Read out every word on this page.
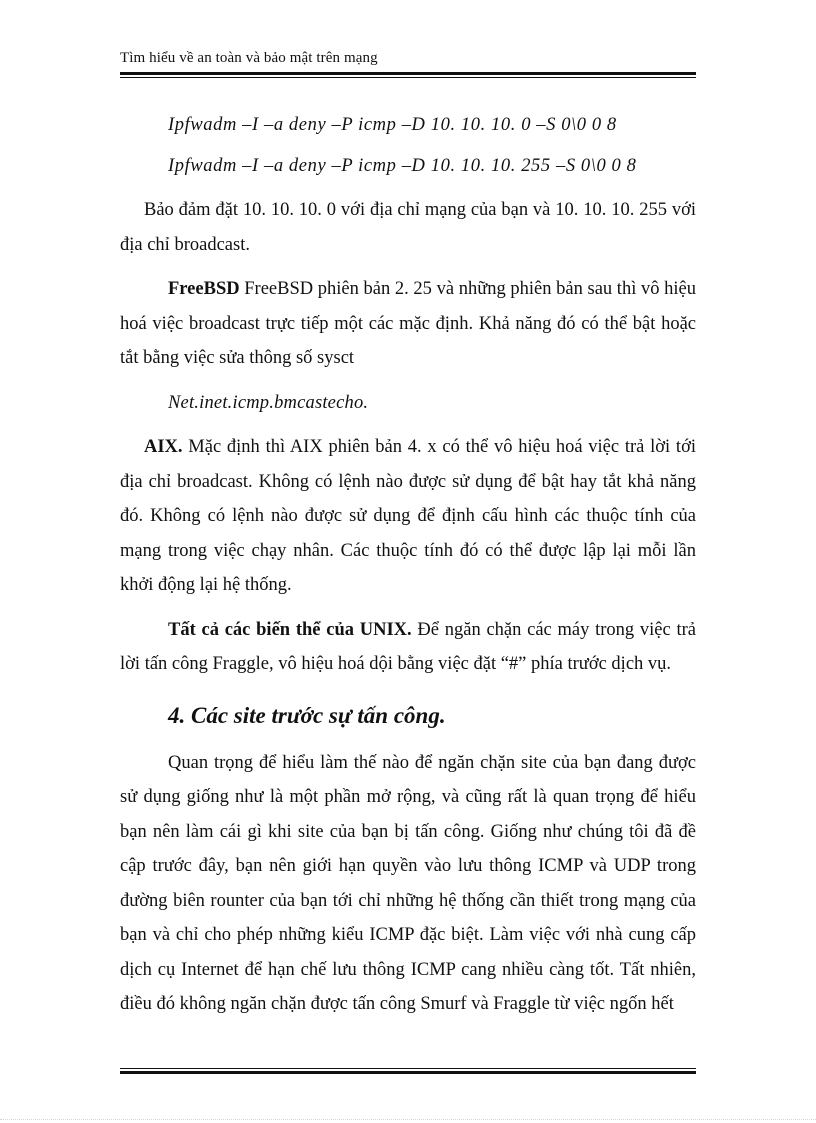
Tìm hiểu về an toàn và bảo mật trên mạng

Ipfwadm –I –a deny –P icmp –D 10. 10. 10. 0 –S 0\0 0 8

Ipfwadm –I –a deny –P icmp –D 10. 10. 10. 255 –S 0\0 0 8

Bảo đảm đặt 10. 10. 10. 0 với địa chỉ mạng của bạn và 10. 10. 10. 255 với địa chỉ broadcast.

FreeBSD FreeBSD phiên bản 2. 25 và những phiên bản sau thì vô hiệu hoá việc broadcast trực tiếp một các mặc định. Khả năng đó có thể bật hoặc tắt bằng việc sửa thông số sysct

Net.inet.icmp.bmcastecho.

AIX. Mặc định thì AIX phiên bản 4. x có thể vô hiệu hoá việc trả lời tới địa chỉ broadcast. Không có lệnh nào được sử dụng để bật hay tắt khả năng đó. Không có lệnh nào được sử dụng để định cấu hình các thuộc tính của mạng trong việc chạy nhân. Các thuộc tính đó có thể được lập lại mỗi lần khởi động lại hệ thống.

Tất cả các biến thể của UNIX. Để ngăn chặn các máy trong việc trả lời tấn công Fraggle, vô hiệu hoá dội bằng việc đặt “#” phía trước dịch vụ.

4. Các site trước sự tấn công.

Quan trọng để hiểu làm thế nào để ngăn chặn site của bạn đang được sử dụng giống như là một phần mở rộng, và cũng rất là quan trọng để hiểu bạn nên làm cái gì khi site của bạn bị tấn công. Giống như chúng tôi đã đề cập trước đây, bạn nên giới hạn quyền vào lưu thông ICMP và UDP trong đường biên rounter của bạn tới chỉ những hệ thống cần thiết trong mạng của bạn và chỉ cho phép những kiểu ICMP đặc biệt. Làm việc với nhà cung cấp dịch cụ Internet để hạn chế lưu thông ICMP cang nhiều càng tốt. Tất nhiên, điều đó không ngăn chặn được tấn công Smurf và Fraggle từ việc ngốn hết
